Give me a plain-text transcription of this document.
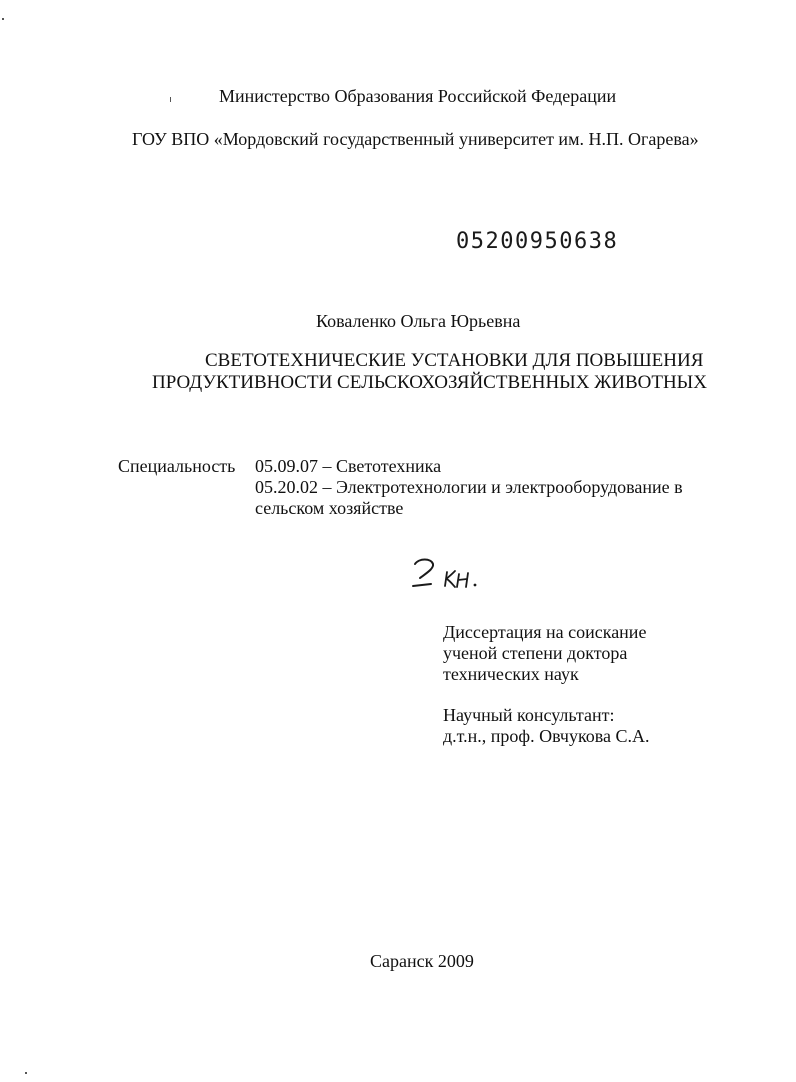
Министерство Образования Российской Федерации
ГОУ ВПО «Мордовский государственный университет им. Н.П. Огарева»
05200950638
Коваленко Ольга Юрьевна
СВЕТОТЕХНИЧЕСКИЕ УСТАНОВКИ ДЛЯ ПОВЫШЕНИЯ
ПРОДУКТИВНОСТИ СЕЛЬСКОХОЗЯЙСТВЕННЫХ ЖИВОТНЫХ
Специальность 05.09.07 – Светотехника
05.20.02 – Электротехнологии и электрооборудование в
сельском хозяйстве
Диссертация на соискание
ученой степени доктора
технических наук
Научный консультант:
д.т.н., проф. Овчукова С.А.
Саранск 2009
